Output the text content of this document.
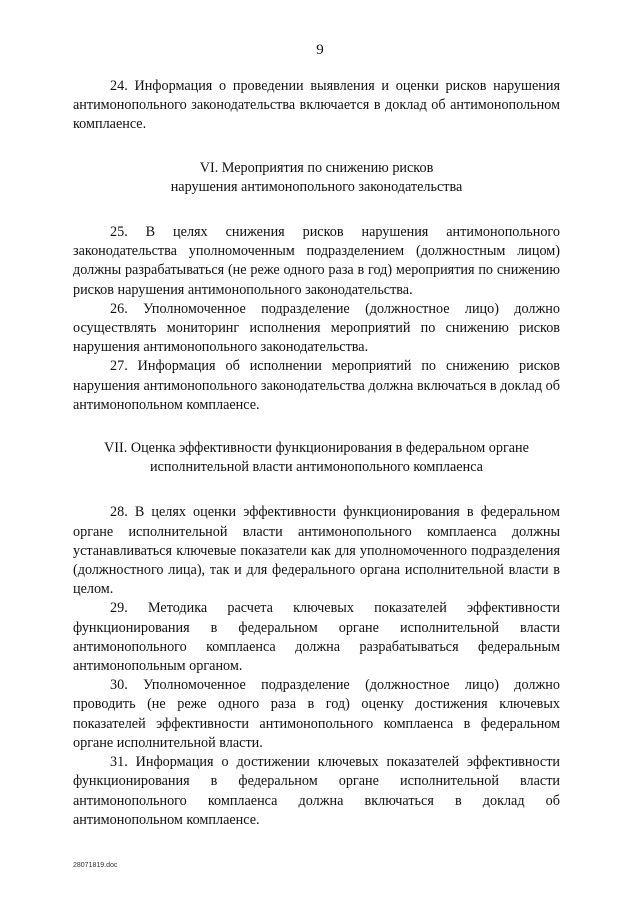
9

24. Информация о проведении выявления и оценки рисков нарушения антимонопольного законодательства включается в доклад об антимонопольном комплаенсе.

VI. Мероприятия по снижению рисков
нарушения антимонопольного законодательства

25. В целях снижения рисков нарушения антимонопольного законодательства уполномоченным подразделением (должностным лицом) должны разрабатываться (не реже одного раза в год) мероприятия по снижению рисков нарушения антимонопольного законодательства.

26. Уполномоченное подразделение (должностное лицо) должно осуществлять мониторинг исполнения мероприятий по снижению рисков нарушения антимонопольного законодательства.

27. Информация об исполнении мероприятий по снижению рисков нарушения антимонопольного законодательства должна включаться в доклад об антимонопольном комплаенсе.

VII. Оценка эффективности функционирования в федеральном органе
исполнительной власти антимонопольного комплаенса

28. В целях оценки эффективности функционирования в федеральном органе исполнительной власти антимонопольного комплаенса должны устанавливаться ключевые показатели как для уполномоченного подразделения (должностного лица), так и для федерального органа исполнительной власти в целом.

29. Методика расчета ключевых показателей эффективности функционирования в федеральном органе исполнительной власти антимонопольного комплаенса должна разрабатываться федеральным антимонопольным органом.

30. Уполномоченное подразделение (должностное лицо) должно проводить (не реже одного раза в год) оценку достижения ключевых показателей эффективности антимонопольного комплаенса в федеральном органе исполнительной власти.

31. Информация о достижении ключевых показателей эффективности функционирования в федеральном органе исполнительной власти антимонопольного комплаенса должна включаться в доклад об антимонопольном комплаенсе.

28071819.doc
